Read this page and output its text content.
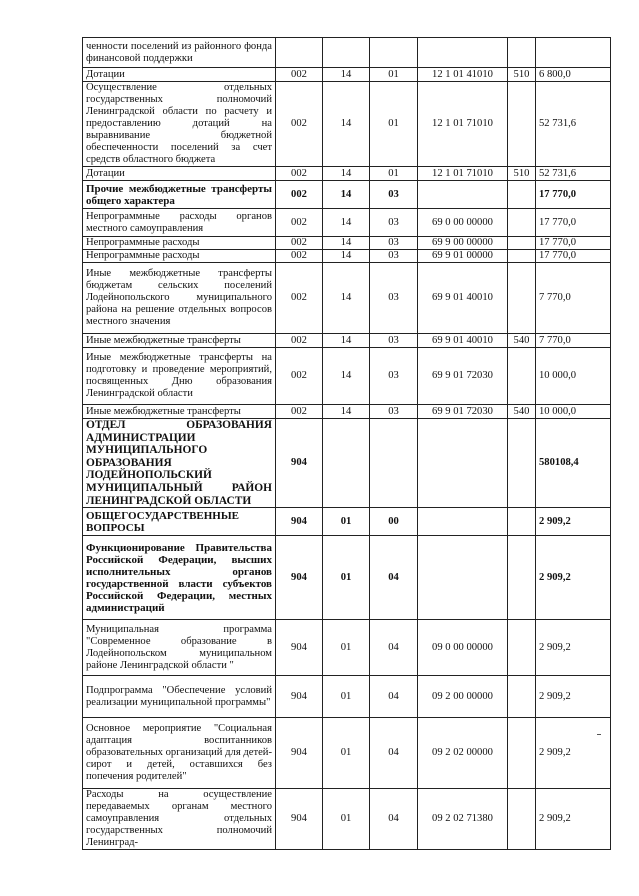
ченности поселений из районного фонда финансовой поддержки						
Дотации	002	14	01	12 1 01 41010	510	6 800,0
Осуществление отдельных государственных полномочий Ленинградской области по расчету и предоставлению дотаций на выравнивание бюджетной обеспеченности поселений за счет средств областного бюджета	002	14	01	12 1 01 71010		52 731,6
Дотации	002	14	01	12 1 01 71010	510	52 731,6
Прочие межбюджетные трансферты общего характера	002	14	03			17 770,0
Непрограммные расходы органов местного самоуправления	002	14	03	69 0 00 00000		17 770,0
Непрограммные расходы	002	14	03	69 9 00 00000		17 770,0
Непрограммные расходы	002	14	03	69 9 01 00000		17 770,0
Иные межбюджетные трансферты бюджетам сельских поселений Лодейнопольского муниципального района на решение отдельных вопросов местного значения	002	14	03	69 9 01 40010		7 770,0
Иные межбюджетные трансферты	002	14	03	69 9 01 40010	540	7 770,0
Иные межбюджетные трансферты на подготовку и проведение мероприятий, посвященных Дню образования Ленинградской области	002	14	03	69 9 01 72030		10 000,0
Иные межбюджетные трансферты	002	14	03	69 9 01 72030	540	10 000,0
ОТДЕЛ ОБРАЗОВАНИЯ АДМИНИСТРАЦИИ МУНИЦИПАЛЬНОГО ОБРАЗОВАНИЯ ЛОДЕЙНОПОЛЬСКИЙ МУНИЦИПАЛЬНЫЙ РАЙОН ЛЕНИНГРАДСКОЙ ОБЛАСТИ	904					580108,4
ОБЩЕГОСУДАРСТВЕННЫЕ ВОПРОСЫ	904	01	00			2 909,2
Функционирование Правительства Российской Федерации, высших исполнительных органов государственной власти субъектов Российской Федерации, местных администраций	904	01	04			2 909,2
Муниципальная программа "Современное образование в Лодейнопольском муниципальном районе Ленинградской области "	904	01	04	09 0 00 00000		2 909,2
Подпрограмма "Обеспечение условий реализации муниципальной программы"	904	01	04	09 2 00 00000		2 909,2
Основное мероприятие "Социальная адаптация воспитанников образовательных организаций для детей-сирот и детей, оставшихся без попечения родителей"	904	01	04	09 2 02 00000		2 909,2
Расходы на осуществление передаваемых органам местного самоуправления отдельных государственных полномочий Ленинград-	904	01	04	09 2 02 71380		2 909,2
